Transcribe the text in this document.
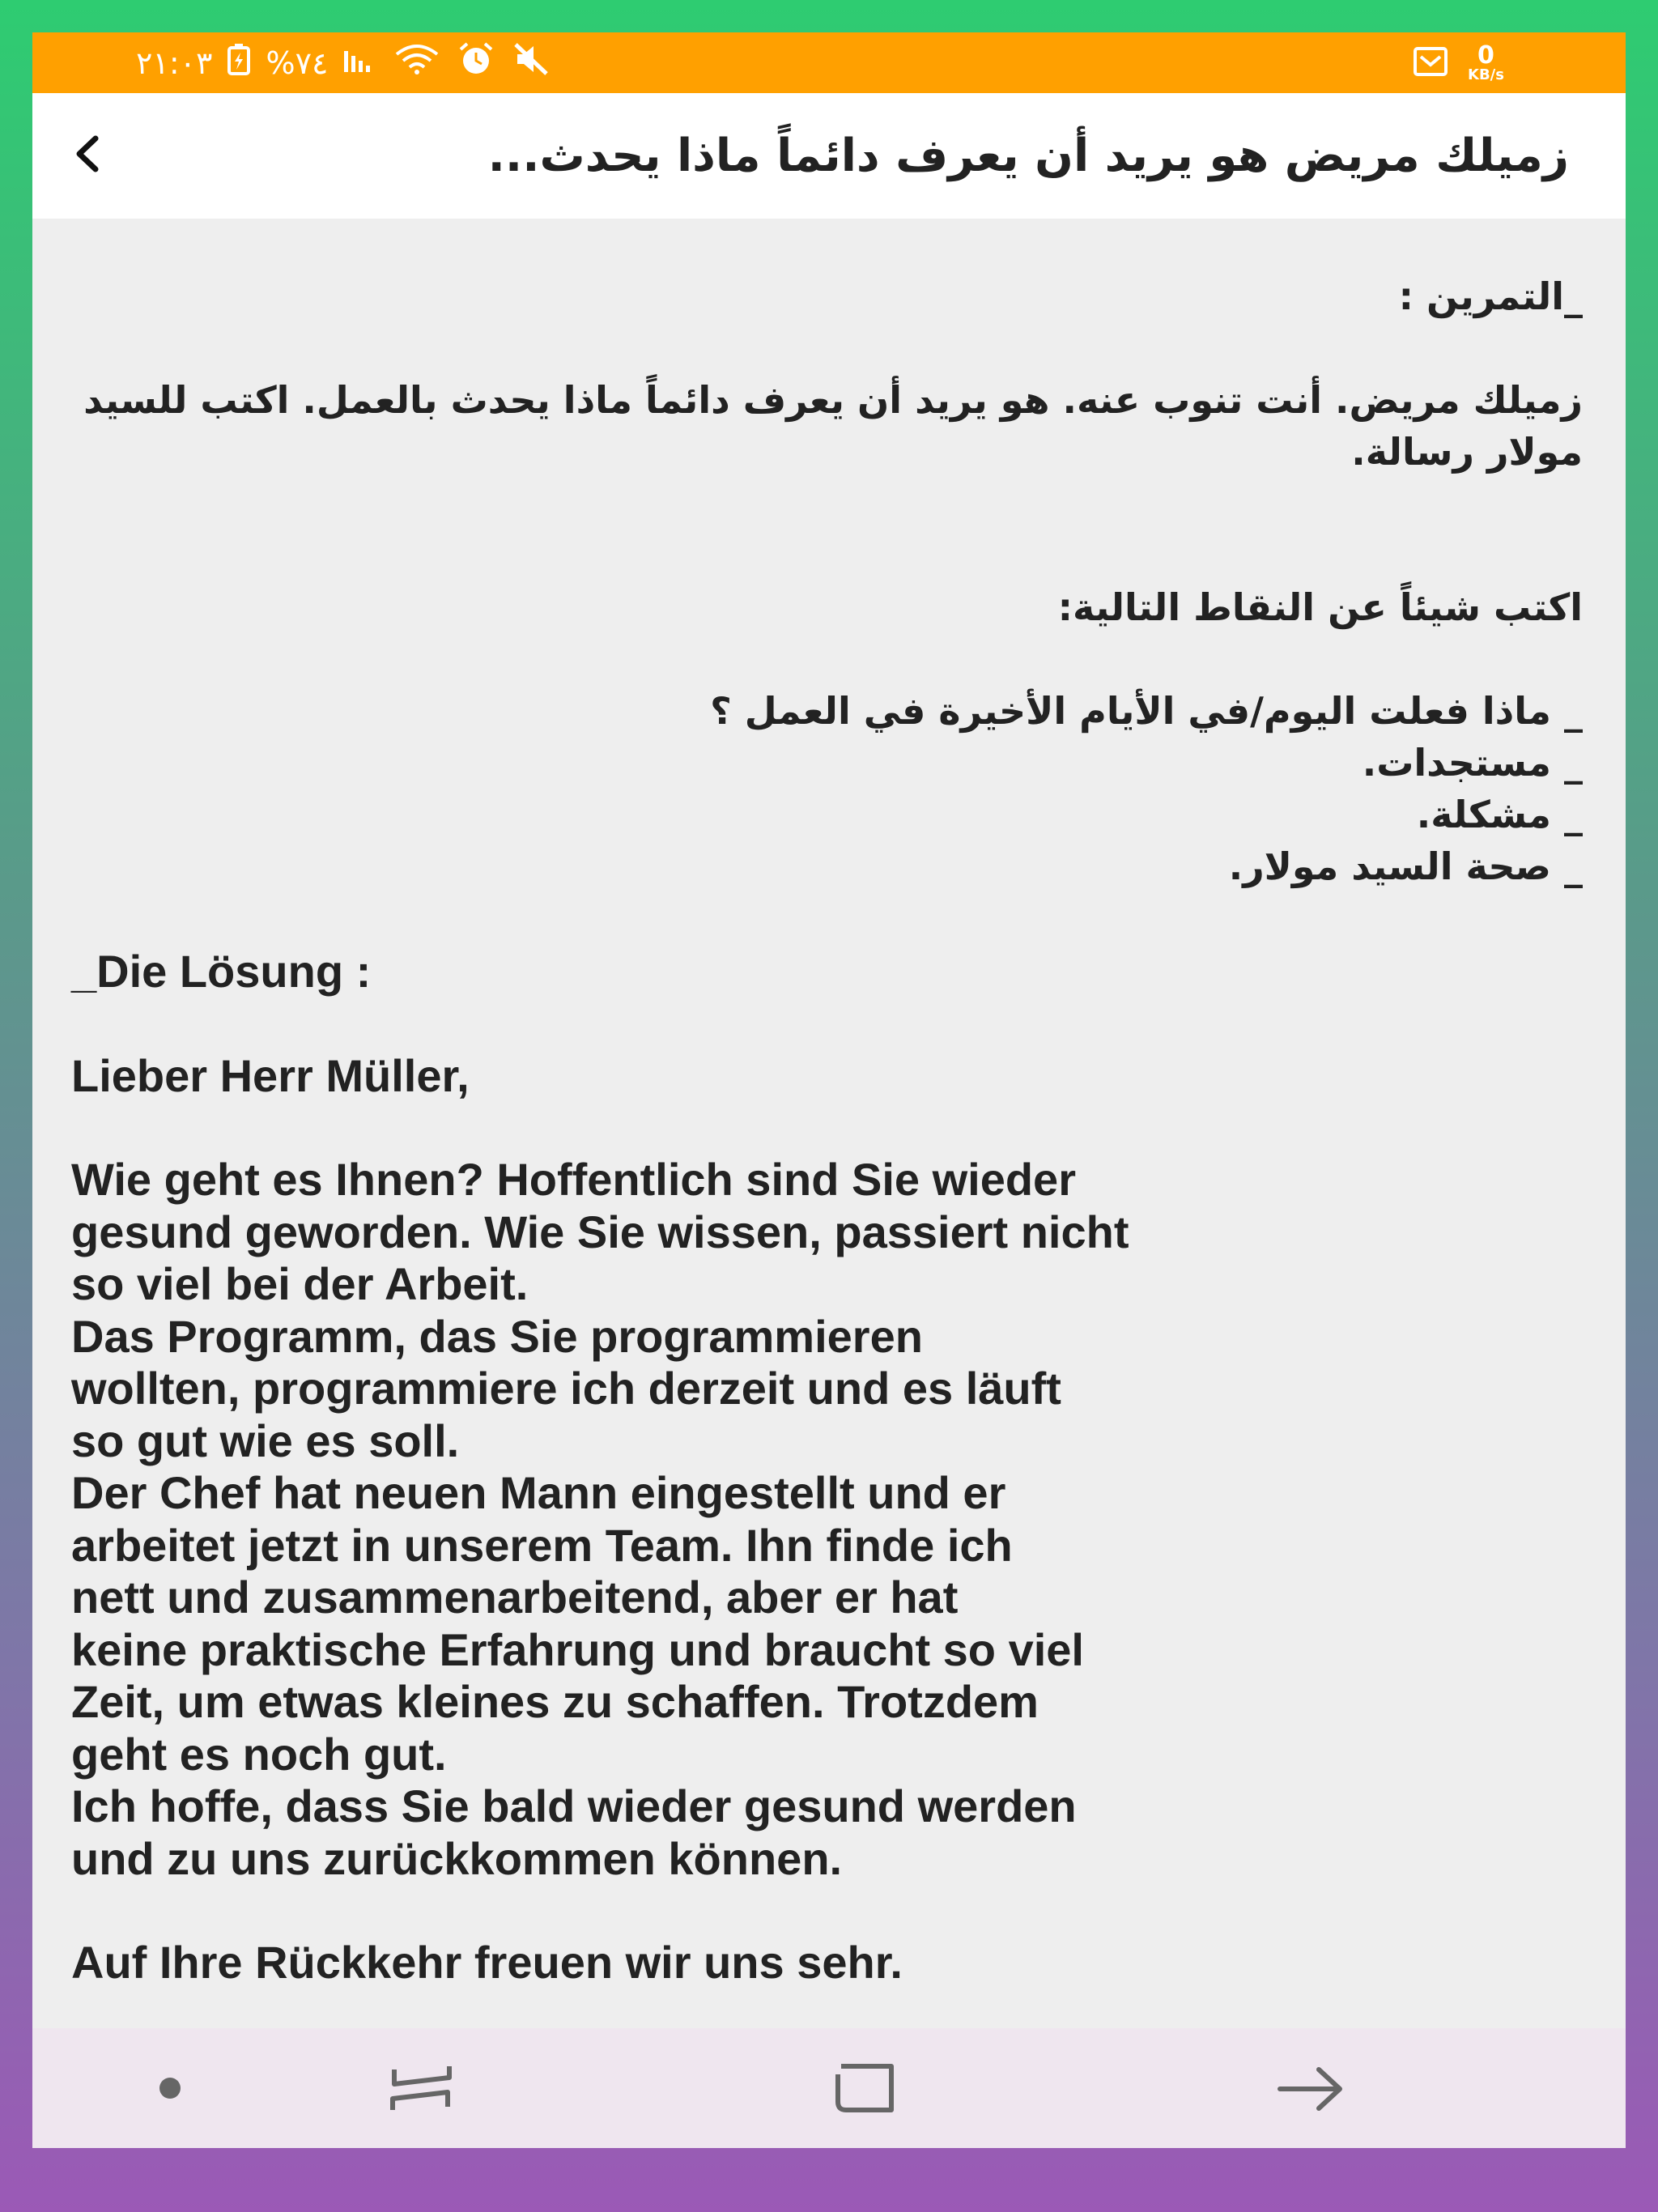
٢١:٠٣ %٧٤	0
KB/s
زميلك مريض هو يريد أن يعرف دائماً ماذا يحدث...

_التمرين :

زميلك مريض. أنت تنوب عنه. هو يريد أن يعرف دائماً ماذا يحدث بالعمل. اكتب للسيد مولار رسالة.

اكتب شيئاً عن النقاط التالية:

_ ماذا فعلت اليوم/في الأيام الأخيرة في العمل ؟

_ مستجدات.

_ مشكلة.

_ صحة السيد مولار.

_Die Lösung :

Lieber Herr Müller,

Wie geht es Ihnen? Hoffentlich sind Sie wieder
gesund geworden. Wie Sie wissen, passiert nicht
so viel bei der Arbeit.
Das Programm, das Sie programmieren
wollten, programmiere ich derzeit und es läuft
so gut wie es soll.
Der Chef hat neuen Mann eingestellt und er
arbeitet jetzt in unserem Team. Ihn finde ich
nett und zusammenarbeitend, aber er hat
keine praktische Erfahrung und braucht so viel
Zeit, um etwas kleines zu schaffen. Trotzdem
geht es noch gut.
Ich hoffe, dass Sie bald wieder gesund werden
und zu uns zurückkommen können.

Auf Ihre Rückkehr freuen wir uns sehr.
